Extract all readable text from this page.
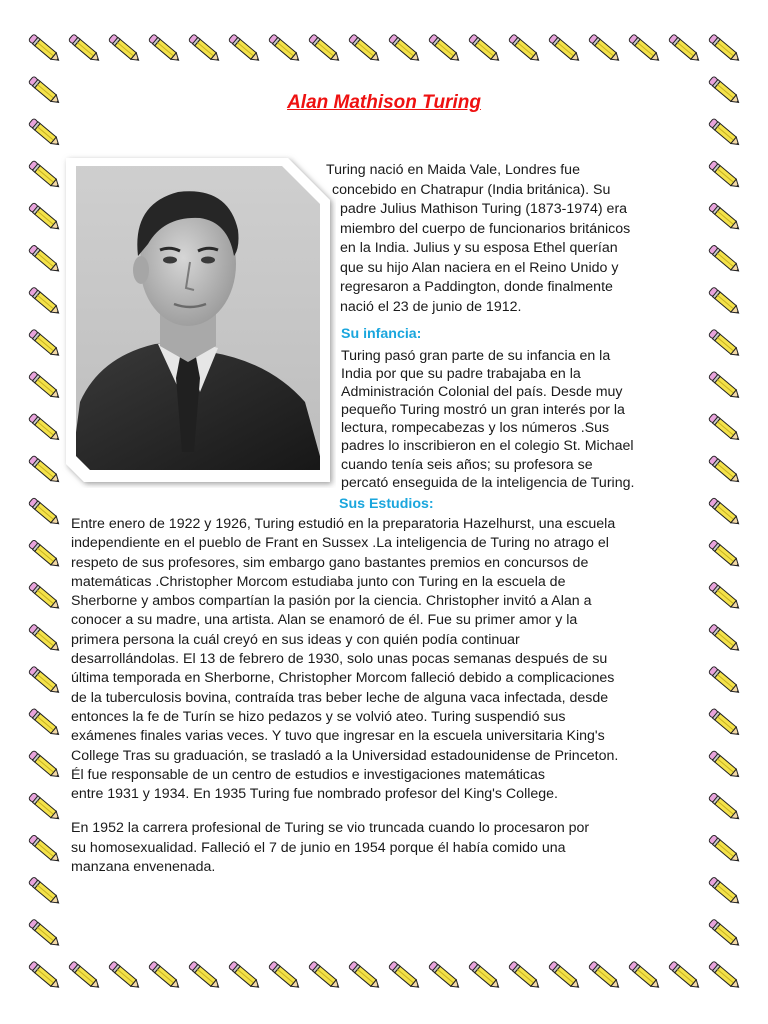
Alan Mathison Turing

Turing nació en Maida Vale, Londres fue
concebido en Chatrapur (India británica). Su
padre Julius Mathison Turing (1873-1974) era
miembro del cuerpo de funcionarios británicos
en la India. Julius y su esposa Ethel querían
que su hijo Alan naciera en el Reino Unido y
regresaron a Paddington, donde finalmente
nació el 23 de junio de 1912.

Su infancia:

Turing pasó gran parte de su infancia en la
India por que su padre trabajaba en la
Administración Colonial del país. Desde muy
pequeño Turing mostró un gran interés por la
lectura, rompecabezas y los números .Sus
padres lo inscribieron en el colegio St. Michael
cuando tenía seis años; su profesora se
percató enseguida de la inteligencia de Turing.

Sus Estudios:

Entre enero de 1922 y 1926, Turing estudió en la preparatoria Hazelhurst, una escuela
independiente en el pueblo de Frant en Sussex .La inteligencia de Turing no atrago el
respeto de sus profesores, sim embargo gano bastantes premios en concursos de
matemáticas .Christopher Morcom estudiaba junto con Turing en la escuela de
Sherborne y ambos compartían la pasión por la ciencia. Christopher invitó a Alan a
conocer a su madre, una artista. Alan se enamoró de él. Fue su primer amor y la
primera persona la cuál creyó en sus ideas y con quién podía continuar
desarrollándolas. El 13 de febrero de 1930, solo unas pocas semanas después de su
última temporada en Sherborne, Christopher Morcom falleció debido a complicaciones
de la tuberculosis bovina, contraída tras beber leche de alguna vaca infectada, desde
entonces la fe de Turín se hizo pedazos y se volvió ateo. Turing suspendió sus
exámenes finales varias veces. Y tuvo que ingresar en la escuela universitaria King's
College Tras su graduación, se trasladó a la Universidad estadounidense de Princeton.
Él fue responsable de un centro de estudios e investigaciones matemáticas
entre 1931 y 1934. En 1935 Turing fue nombrado profesor del King's College.

En 1952 la carrera profesional de Turing se vio truncada cuando lo procesaron por
su homosexualidad. Falleció el 7 de junio en 1954 porque él había comido una
manzana envenenada.
